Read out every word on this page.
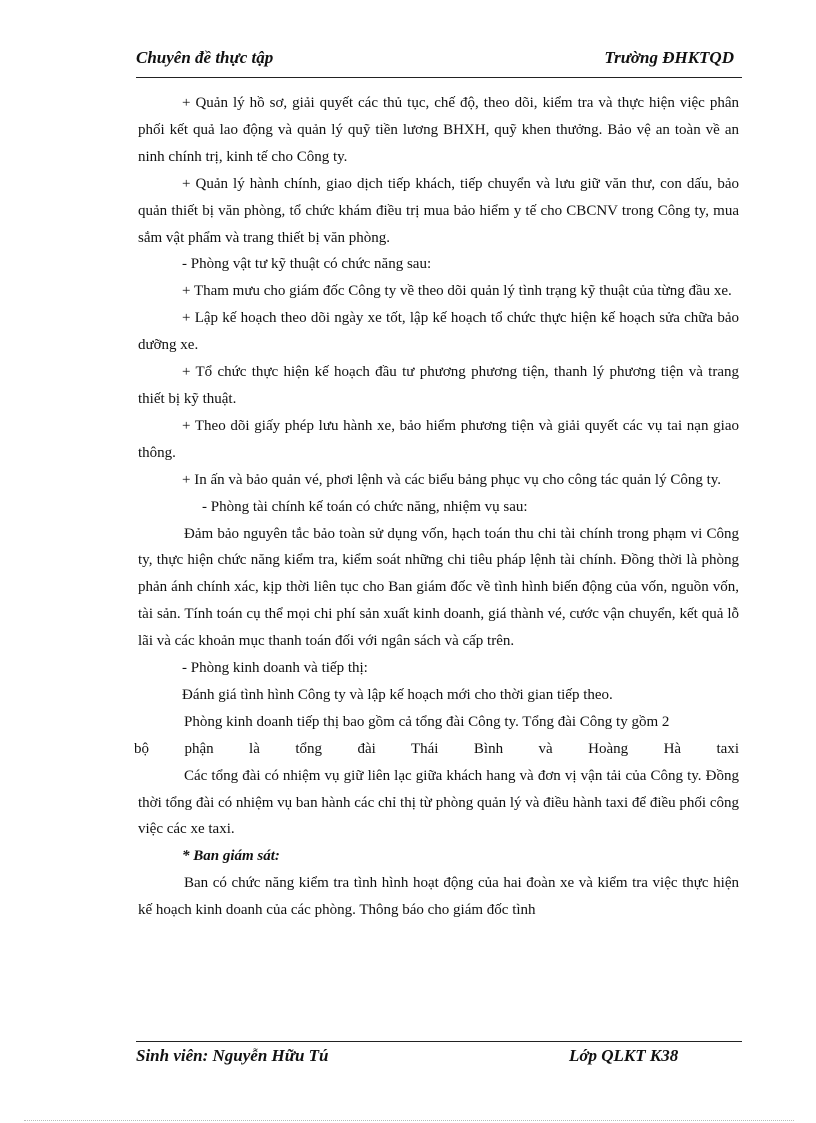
Chuyên đề thực tập	Trường ĐHKTQD

+ Quản lý hồ sơ, giải quyết các thủ tục, chế độ, theo dõi, kiểm tra và thực hiện việc phân phối kết quả lao động và quản lý quỹ tiền lương BHXH, quỹ khen thưởng. Bảo vệ an toàn về an ninh chính trị, kinh tế cho Công ty.

+ Quản lý hành chính, giao dịch tiếp khách, tiếp chuyển và lưu giữ văn thư, con dấu, bảo quản thiết bị văn phòng, tổ chức khám điều trị mua bảo hiểm y tế cho CBCNV trong Công ty, mua sắm vật phẩm và trang thiết bị văn phòng.

- Phòng vật tư kỹ thuật có chức năng sau:

+ Tham mưu cho giám đốc Công ty về theo dõi quản lý tình trạng kỹ thuật của từng đầu xe.

+ Lập kế hoạch theo dõi ngày xe tốt, lập kế hoạch tổ chức thực hiện kế hoạch sửa chữa bảo dưỡng xe.

+ Tổ chức thực hiện kế hoạch đầu tư phương phương tiện, thanh lý phương tiện và trang thiết bị kỹ thuật.

+ Theo dõi giấy phép lưu hành xe, bảo hiểm phương tiện và giải quyết các vụ tai nạn giao thông.

+ In ấn và bảo quản vé, phơi lệnh và các biểu bảng phục vụ cho công tác quản lý Công ty.

- Phòng tài chính kế toán có chức năng, nhiệm vụ sau:

Đảm bảo nguyên tắc bảo toàn sử dụng vốn, hạch toán thu chi tài chính trong phạm vi Công ty, thực hiện chức năng kiểm tra, kiểm soát những chi tiêu pháp lệnh tài chính. Đồng thời là phòng phản ánh chính xác, kịp thời liên tục cho Ban giám đốc về tình hình biến động của vốn, nguồn vốn, tài sản. Tính toán cụ thể mọi chi phí sản xuất kinh doanh, giá thành vé, cước vận chuyển, kết quả lỗ lãi và các khoản mục thanh toán đối với ngân sách và cấp trên.

- Phòng kinh doanh và tiếp thị:

Đánh giá tình hình Công ty và lập kế hoạch mới cho thời gian tiếp theo.

Phòng kinh doanh tiếp thị bao gồm cả tổng đài Công ty. Tổng đài Công ty gồm 2

bộ phận là tổng đài Thái Bình và Hoàng Hà taxi

Các tổng đài có nhiệm vụ giữ liên lạc giữa khách hang và đơn vị vận tải của Công ty. Đồng thời tổng đài có nhiệm vụ ban hành các chỉ thị từ phòng quản lý và điều hành taxi để điều phối công việc các xe taxi.

* Ban giám sát:

Ban có chức năng kiểm tra tình hình hoạt động của hai đoàn xe và kiểm tra việc thực hiện kế hoạch kinh doanh của các phòng. Thông báo cho giám đốc tình

Sinh viên: Nguyễn Hữu Tú	Lớp QLKT K38
